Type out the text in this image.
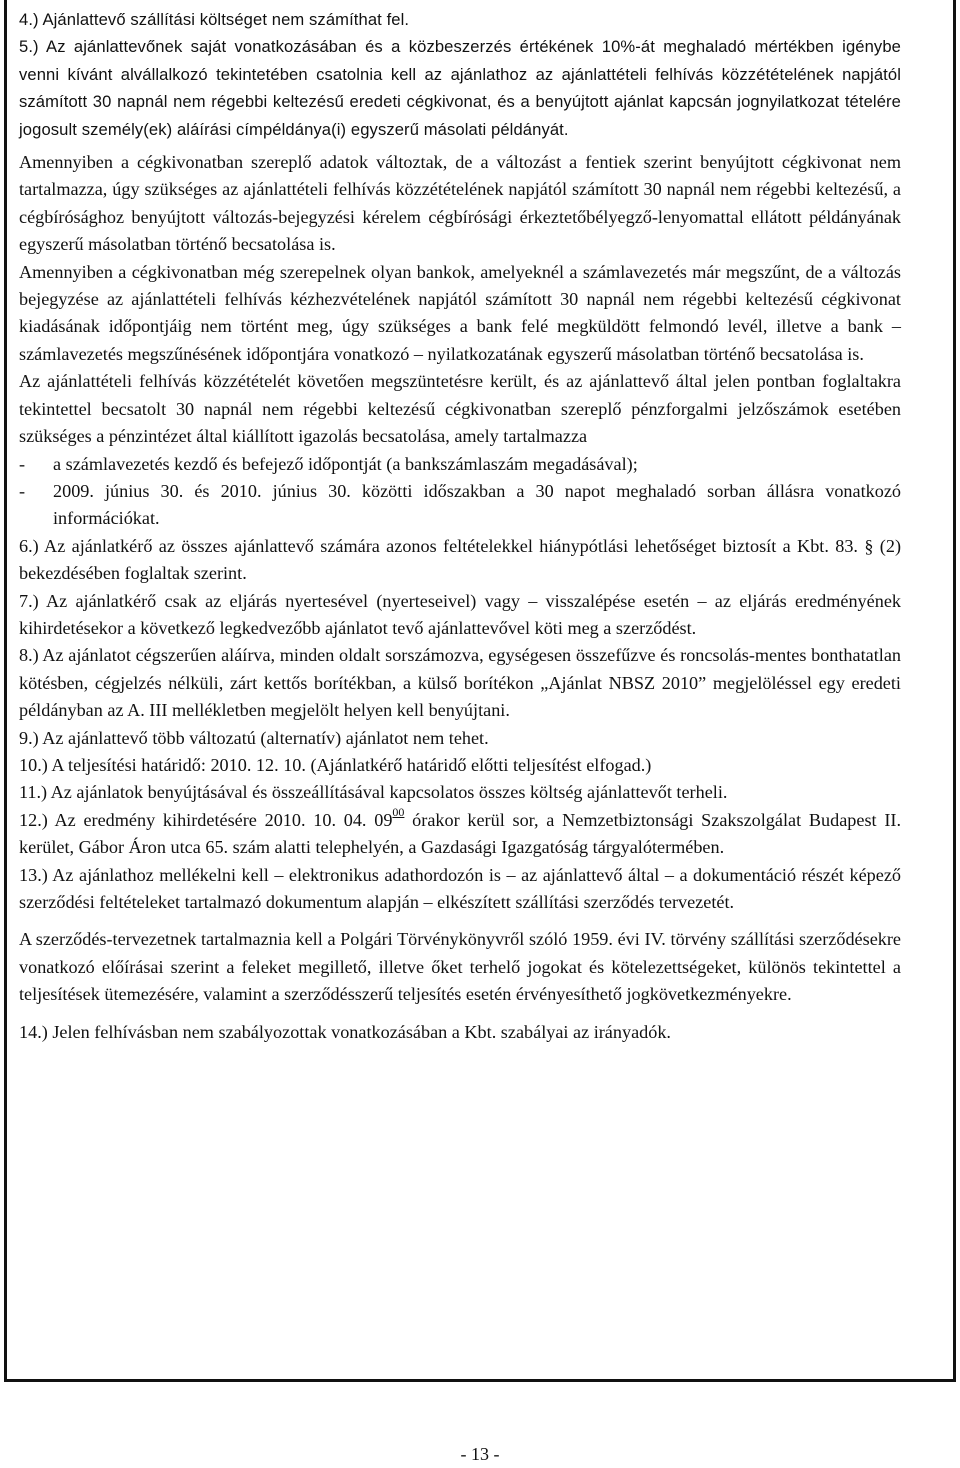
4.) Ajánlattevő szállítási költséget nem számíthat fel.

5.) Az ajánlattevőnek saját vonatkozásában és a közbeszerzés értékének 10%-át meghaladó mértékben igénybe venni kívánt alvállalkozó tekintetében csatolnia kell az ajánlathoz az ajánlattételi felhívás közzétételének napjától számított 30 napnál nem régebbi keltezésű eredeti cégkivonat, és a benyújtott ajánlat kapcsán jognyilatkozat tételére jogosult személy(ek) aláírási címpéldánya(i) egyszerű másolati példányát.

Amennyiben a cégkivonatban szereplő adatok változtak, de a változást a fentiek szerint benyújtott cégkivonat nem tartalmazza, úgy szükséges az ajánlattételi felhívás közzétételének napjától számított 30 napnál nem régebbi keltezésű, a cégbírósághoz benyújtott változás-bejegyzési kérelem cégbírósági érkeztetőbélyegző-lenyomattal ellátott példányának egyszerű másolatban történő becsatolása is.

Amennyiben a cégkivonatban még szerepelnek olyan bankok, amelyeknél a számlavezetés már megszűnt, de a változás bejegyzése az ajánlattételi felhívás kézhezvételének napjától számított 30 napnál nem régebbi keltezésű cégkivonat kiadásának időpontjáig nem történt meg, úgy szükséges a bank felé megküldött felmondó levél, illetve a bank – számlavezetés megszűnésének időpontjára vonatkozó – nyilatkozatának egyszerű másolatban történő becsatolása is.

Az ajánlattételi felhívás közzétételét követően megszüntetésre került, és az ajánlattevő által jelen pontban foglaltakra tekintettel becsatolt 30 napnál nem régebbi keltezésű cégkivonatban szereplő pénzforgalmi jelzőszámok esetében szükséges a pénzintézet által kiállított igazolás becsatolása, amely tartalmazza

- a számlavezetés kezdő és befejező időpontját (a bankszámlaszám megadásával);

- 2009. június 30. és 2010. június 30. közötti időszakban a 30 napot meghaladó sorban állásra vonatkozó információkat.

6.) Az ajánlatkérő az összes ajánlattevő számára azonos feltételekkel hiánypótlási lehetőséget biztosít a Kbt. 83. § (2) bekezdésében foglaltak szerint.

7.) Az ajánlatkérő csak az eljárás nyertesével (nyerteseivel) vagy – visszalépése esetén – az eljárás eredményének kihirdetésekor a következő legkedvezőbb ajánlatot tevő ajánlattevővel köti meg a szerződést.

8.) Az ajánlatot cégszerűen aláírva, minden oldalt sorszámozva, egységesen összefűzve és roncsolás-mentes bonthatatlan kötésben, cégjelzés nélküli, zárt kettős borítékban, a külső borítékon „Ajánlat NBSZ 2010” megjelöléssel egy eredeti példányban az A. III mellékletben megjelölt helyen kell benyújtani.

9.) Az ajánlattevő több változatú (alternatív) ajánlatot nem tehet.

10.) A teljesítési határidő: 2010. 12. 10. (Ajánlatkérő határidő előtti teljesítést elfogad.)

11.) Az ajánlatok benyújtásával és összeállításával kapcsolatos összes költség ajánlattevőt terheli.

12.) Az eredmény kihirdetésére 2010. 10. 04. $09^{00}$ órakor kerül sor, a Nemzetbiztonsági Szakszolgálat Budapest II. kerület, Gábor Áron utca 65. szám alatti telephelyén, a Gazdasági Igazgatóság tárgyalótermében.

13.) Az ajánlathoz mellékelni kell – elektronikus adathordozón is – az ajánlattevő által – a dokumentáció részét képező szerződési feltételeket tartalmazó dokumentum alapján – elkészített szállítási szerződés tervezetét.

A szerződés-tervezetnek tartalmaznia kell a Polgári Törvénykönyvről szóló 1959. évi IV. törvény szállítási szerződésekre vonatkozó előírásai szerint a feleket megillető, illetve őket terhelő jogokat és kötelezettségeket, különös tekintettel a teljesítések ütemezésére, valamint a szerződésszerű teljesítés esetén érvényesíthető jogkövetkezményekre.

14.) Jelen felhívásban nem szabályozottak vonatkozásában a Kbt. szabályai az irányadók.

- 13 -
